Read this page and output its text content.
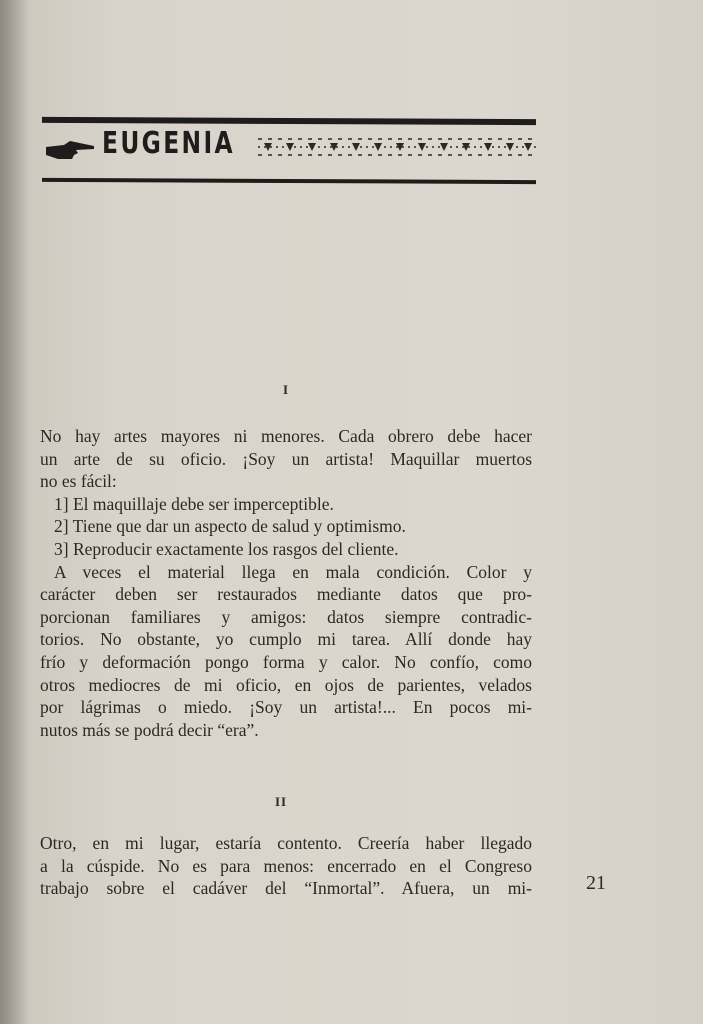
EUGENIA
I
No hay artes mayores ni menores. Cada obrero debe hacer
un arte de su oficio. ¡Soy un artista! Maquillar muertos
no es fácil:
1] El maquillaje debe ser imperceptible.
2] Tiene que dar un aspecto de salud y optimismo.
3] Reproducir exactamente los rasgos del cliente.
A veces el material llega en mala condición. Color y
carácter deben ser restaurados mediante datos que pro-
porcionan familiares y amigos: datos siempre contradic-
torios. No obstante, yo cumplo mi tarea. Allí donde hay
frío y deformación pongo forma y calor. No confío, como
otros mediocres de mi oficio, en ojos de parientes, velados
por lágrimas o miedo. ¡Soy un artista!... En pocos mi-
nutos más se podrá decir “era”.
II
Otro, en mi lugar, estaría contento. Creería haber llegado
a la cúspide. No es para menos: encerrado en el Congreso
trabajo sobre el cadáver del “Inmortal”. Afuera, un mi-	21
